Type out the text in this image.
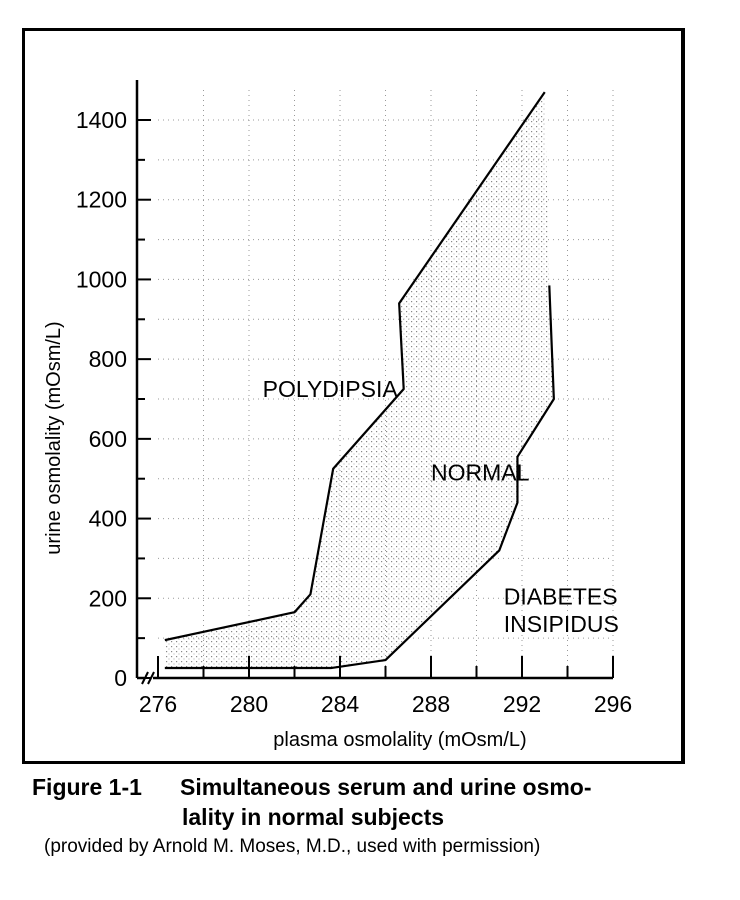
0
200
400
600
800
1000
1200
1400
276 280 284 288 292 296
POLYDIPSIA
NORMAL
DIABETES
INSIPIDUS
plasma osmolality (mOsm/L)
urine osmolality (mOsm/L)
Figure 1-1 Simultaneous serum and urine osmo-
lality in normal subjects
(provided by Arnold M. Moses, M.D., used with permission)
